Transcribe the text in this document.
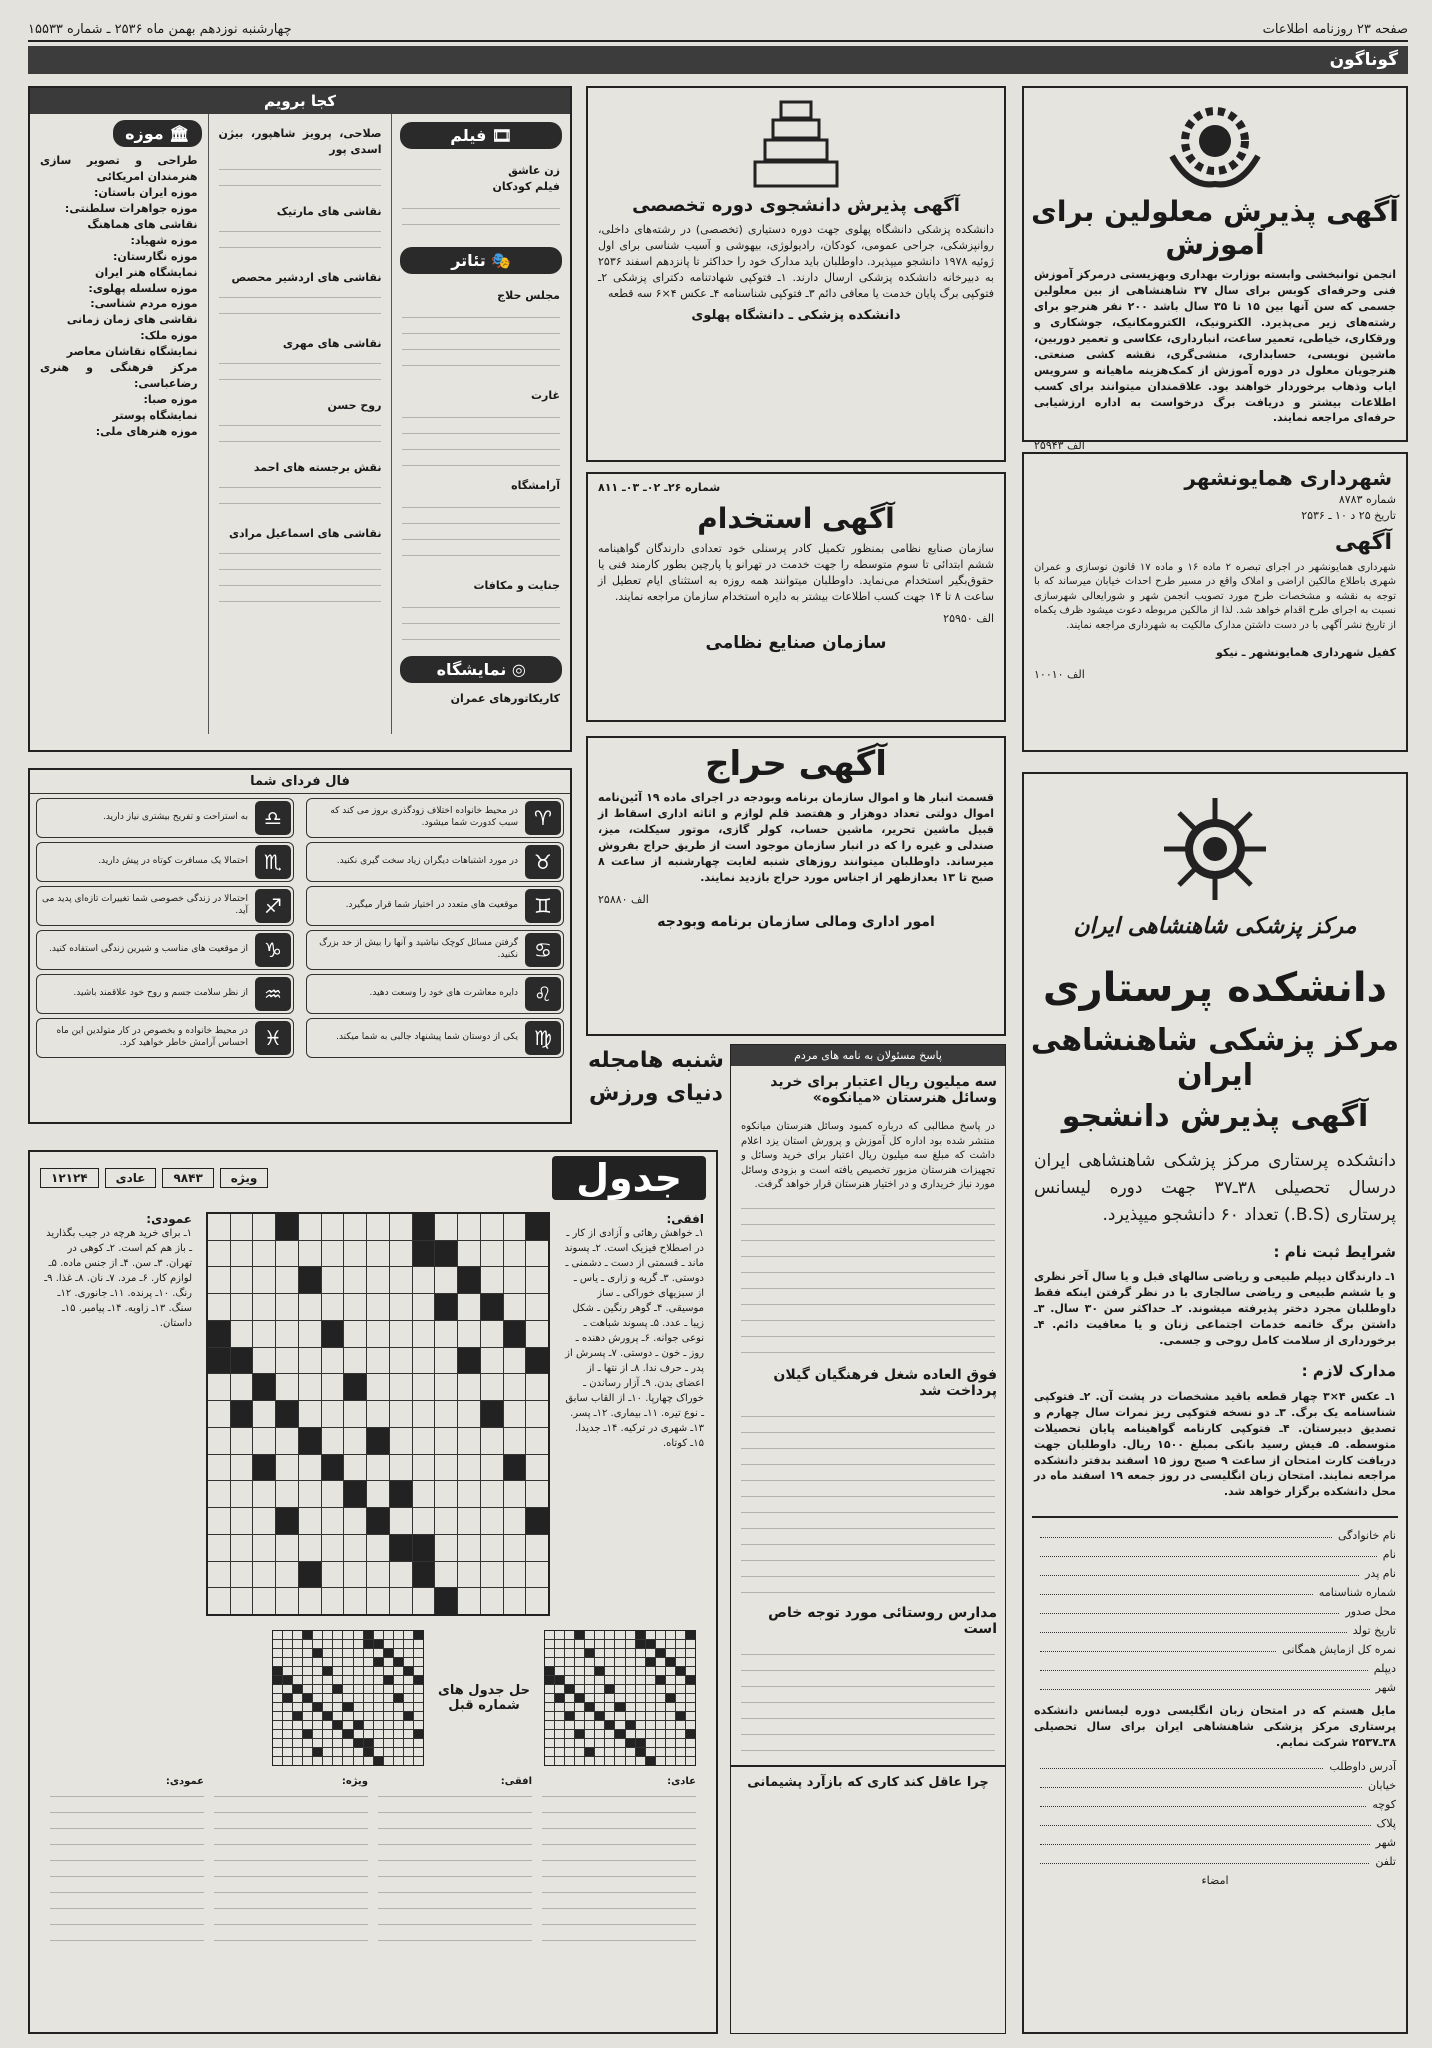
صفحه ۲۳ روزنامه اطلاعات
چهارشنبه نوزدهم بهمن ماه ۲۵۳۶ ـ شماره ۱۵۵۳۳
گوناگون
آگهی پذیرش معلولین برای آموزش
انجمن توانبخشی وابسته بوزارت بهداری وبهزیستی درمرکز آموزش فنی وحرفه‌ای کوبس برای سال ۳۷ شاهنشاهی از بین معلولین جسمی که سن آنها بین ۱۵ تا ۳۵ سال باشد ۲۰۰ نفر هنرجو برای رشته‌های زیر می‌پذیرد. الکترونیک، الکترومکانیک، جوشکاری و ورقکاری، خیاطی، تعمیر ساعت، انبارداری، عکاسی و تعمیر دوربین، ماشین نویسی، حسابداری، منشی‌گری، نقشه کشی صنعتی. هنرجویان معلول در دوره آموزش از کمک‌هزینه ماهیانه و سرویس ایاب وذهاب برخوردار خواهند بود. علاقمندان میتوانند برای کسب اطلاعات بیشتر و دریافت برگ درخواست به اداره ارزشیابی حرفه‌ای مراجعه نمایند.
الف ۲۵۹۴۳
شهرداری همایونشهر
شماره ۸۷۸۳
تاریخ ۲۵ د ۱۰ ـ ۲۵۳۶
آگهی
شهرداری همایونشهر در اجرای تبصره ۲ ماده ۱۶ و ماده ۱۷ قانون نوسازی و عمران شهری باطلاع مالکین اراضی و املاک واقع در مسیر طرح احداث خیابان میرساند که با توجه به نقشه و مشخصات طرح مورد تصویب انجمن شهر و شورایعالی شهرسازی نسبت به اجرای طرح اقدام خواهد شد. لذا از مالکین مربوطه دعوت میشود ظرف یکماه از تاریخ نشر آگهی با در دست داشتن مدارک مالکیت به شهرداری مراجعه نمایند.
کفیل شهرداری همایونشهر ـ نیکو
الف ۱۰۰۱۰
مرکز پزشکی شاهنشاهی ایران
دانشکده پرستاری
مرکز پزشکی شاهنشاهی ایران
آگهی پذیرش دانشجو
دانشکده پرستاری مرکز پزشکی شاهنشاهی ایران درسال تحصیلی ۳۸ـ۳۷ جهت دوره لیسانس پرستاری (B.S.) تعداد ۶۰ دانشجو میپذیرد.
شرایط ثبت نام :
۱ـ دارندگان دیپلم طبیعی و ریاضی سالهای قبل و یا سال آخر نظری و یا ششم طبیعی و ریاضی سالجاری با در نظر گرفتن اینکه فقط داوطلبان مجرد دختر پذیرفته میشوند. ۲ـ حداکثر سن ۳۰ سال. ۳ـ داشتن برگ خاتمه خدمات اجتماعی زنان و یا معافیت دائم. ۴ـ برخورداری از سلامت کامل روحی و جسمی.
مدارک لازم :
۱ـ عکس ۴×۳ چهار قطعه باقید مشخصات در پشت آن. ۲ـ فتوکپی شناسنامه یک برگ. ۳ـ دو نسخه فتوکپی ریز نمرات سال چهارم و تصدیق دبیرستان. ۴ـ فتوکپی کارنامه گواهینامه پایان تحصیلات متوسطه. ۵ـ فیش رسید بانکی بمبلغ ۱۵۰۰ ریال. داوطلبان جهت دریافت کارت امتحان از ساعت ۹ صبح روز ۱۵ اسفند بدفتر دانشکده مراجعه نمایند. امتحان زبان انگلیسی در روز جمعه ۱۹ اسفند ماه در محل دانشکده برگزار خواهد شد.
نام خانوادگی
نام
نام پدر
شماره شناسنامه
محل صدور
تاریخ تولد
نمره کل ازمایش همگانی
دیپلم
شهر
مایل هستم که در امتحان زبان انگلیسی دوره لیسانس دانشکده پرستاری مرکز پزشکی شاهنشاهی ایران برای سال تحصیلی ۳۸ـ۲۵۳۷ شرکت نمایم.
آدرس داوطلب
خیابان
کوچه
پلاک
شهر
تلفن
امضاء
آگهی پذیرش دانشجوی دوره تخصصی
دانشکده پزشکی دانشگاه پهلوی جهت دوره دستیاری (تخصصی) در رشته‌های داخلی، روانپزشکی، جراحی عمومی، کودکان، رادیولوژی، بیهوشی و آسیب شناسی برای اول ژوئیه ۱۹۷۸ دانشجو میپذیرد. داوطلبان باید مدارک خود را حداکثر تا پانزدهم اسفند ۲۵۳۶ به دبیرخانه دانشکده پزشکی ارسال دارند. ۱ـ فتوکپی شهادتنامه دکترای پزشکی ۲ـ فتوکپی برگ پایان خدمت یا معافی دائم ۳ـ فتوکپی شناسنامه ۴ـ عکس ۴×۶ سه قطعه
دانشکده پزشکی ـ دانشگاه پهلوی
شماره ۲۶ـ ۰۲ـ ۰۳ـ ۸۱۱
آگهی استخدام
سازمان صنایع نظامی بمنظور تکمیل کادر پرسنلی خود تعدادی دارندگان گواهینامه ششم ابتدائی تا سوم متوسطه را جهت خدمت در تهرانو یا پارچین بطور کارمند فنی یا حقوق‌بگیر استخدام می‌نماید. داوطلبان میتوانند همه روزه به استثنای ایام تعطیل از ساعت ۸ تا ۱۴ جهت کسب اطلاعات بیشتر به دایره استخدام سازمان مراجعه نمایند.
الف ۲۵۹۵۰
سازمان صنایع نظامی
آگهی حراج
قسمت انبار ها و اموال سازمان برنامه وبودجه در اجرای ماده ۱۹ آئین‌نامه اموال دولتی تعداد دوهزار و هفتصد قلم لوازم و اثاثه اداری اسقاط از قبیل ماشین تحریر، ماشین حساب، کولر گازی، موتور سیکلت، میز، صندلی و غیره را که در انبار سازمان موجود است از طریق حراج بفروش میرساند. داوطلبان میتوانند روزهای شنبه لغایت چهارشنبه از ساعت ۸ صبح تا ۱۳ بعدازظهر از اجناس مورد حراج بازدید نمایند.
الف ۲۵۸۸۰
امور اداری ومالی سازمان برنامه وبودجه
شنبه هامجله
دنیای ورزش
پاسخ مسئولان به نامه های مردم
سه میلیون ریال اعتبار برای خرید وسائل هنرستان «میانکوه»
در پاسخ مطالبی که درباره کمبود وسائل هنرستان میانکوه منتشر شده بود اداره کل آموزش و پرورش استان یزد اعلام داشت که مبلغ سه میلیون ریال اعتبار برای خرید وسائل و تجهیزات هنرستان مزبور تخصیص یافته است و بزودی وسائل مورد نیاز خریداری و در اختیار هنرستان قرار خواهد گرفت.
فوق العاده شغل فرهنگیان گیلان پرداخت شد
مدارس روستائی مورد توجه خاص است
چرا عاقل کند کاری که بازآرد پشیمانی
کجا برویم
🎞 فیلم
زن عاشق
فیلم کودکان
🎭 تئاتر
مجلس حلاج
غارت
آرامشگاه
جنایت و مکافات
◎ نمایشگاه
کاریکاتورهای عمران
صلاحی، پرویز شاهپور، بیژن اسدی پور
نقاشی های مارتیک
نقاشی های اردشیر محصص
نقاشی های مهری
روح حسن
نقش برجسته های احمد
نقاشی های اسماعیل مرادی
🏛 موزه
طراحی و تصویر سازی هنرمندان امریکائی
موزه ایران باستان:
موزه جواهرات سلطنتی:
نقاشی های هماهنگ
موزه شهیاد:
موزه نگارستان:
نمایشگاه هنر ایران
موزه سلسله پهلوی:
موزه مردم شناسی:
نقاشی های زمان زمانی
موزه ملک:
نمایشگاه نقاشان معاصر
مرکز فرهنگی و هنری رضاعباسی:
موزه صبا:
نمایشگاه پوستر
موزه هنرهای ملی:
فال فردای شما
♈
در محیط خانواده اختلاف زودگذری بروز می کند که سبب کدورت شما میشود.
♉
در مورد اشتباهات دیگران زیاد سخت گیری نکنید.
♊
موقعیت های متعدد در اختیار شما قرار میگیرد.
♋
گرفتن مسائل کوچک نباشید و آنها را بیش از حد بزرگ نکنید.
♌
دایره معاشرت های خود را وسعت دهید.
♍
یکی از دوستان شما پیشنهاد جالبی به شما میکند.
♎
به استراحت و تفریح بیشتری نیاز دارید.
♏
احتمالا یک مسافرت کوتاه در پیش دارید.
♐
احتمالا در زندگی خصوصی شما تغییرات تازه‌ای پدید می آید.
♑
از موقعیت های مناسب و شیرین زندگی استفاده کنید.
♒
از نظر سلامت جسم و روح خود علاقمند باشید.
♓
در محیط خانواده و بخصوص در کار متولدین این ماه احساس آرامش خاطر خواهید کرد.
جدول
ویژه
۹۸۴۳
عادی
۱۲۱۲۴
افقی:
۱ـ خواهش رهائی و آزادی از کار ـ در اصطلاح فیزیک است. ۲ـ پسوند ماند ـ قسمتی از دست ـ دشمنی ـ دوستی. ۳ـ گریه و زاری ـ یاس ـ از سبزیهای خوراکی ـ ساز موسیقی. ۴ـ گوهر رنگین ـ شکل زیبا ـ عدد. ۵ـ پسوند شباهت ـ نوعی جوانه. ۶ـ پرورش دهنده ـ روز ـ خون ـ دوستی. ۷ـ پسرش از پدر ـ حرف ندا. ۸ـ از نتها ـ از اعضای بدن. ۹ـ آزار رساندن ـ خوراک چهارپا. ۱۰ـ از القاب سابق ـ نوع تیره. ۱۱ـ بیماری. ۱۲ـ پسر. ۱۳ـ شهری در ترکیه. ۱۴ـ جدیدا. ۱۵ـ کوتاه.
عمودی:
۱ـ برای خرید هرچه در جیب بگذارید ـ باز هم کم است. ۲ـ کوهی در تهران. ۳ـ سن. ۴ـ از جنس ماده. ۵ـ لوازم کار. ۶ـ مرد. ۷ـ نان. ۸ـ غذا. ۹ـ رنگ. ۱۰ـ پرنده. ۱۱ـ جانوری. ۱۲ـ سنگ. ۱۳ـ زاویه. ۱۴ـ پیامبر. ۱۵ـ داستان.
حل جدول های شماره قبل
عادی:
افقی:
ویژه:
عمودی:
